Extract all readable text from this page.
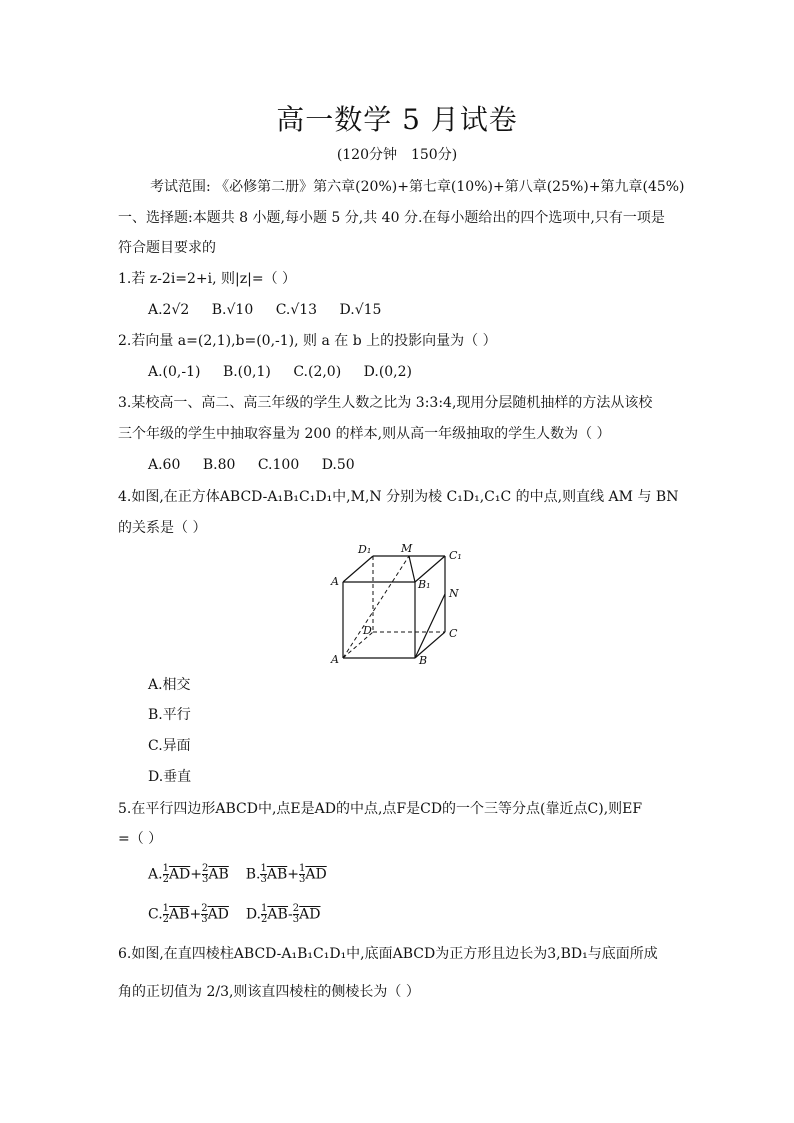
高一数学 5 月试卷
(120分钟　150分)
考试范围: 《必修第二册》第六章(20%)+第七章(10%)+第八章(25%)+第九章(45%)
一、选择题:本题共 8 小题,每小题 5 分,共 40 分.在每小题给出的四个选项中,只有一项是
符合题目要求的
1.若 z-2i=2+i, 则|z|=（ ）
A.2√2 B.√10 C.√13 D.√15
2.若向量 a=(2,1),b=(0,-1), 则 a 在 b 上的投影向量为（ ）
A.(0,-1) B.(0,1) C.(2,0) D.(0,2)
3.某校高一、高二、高三年级的学生人数之比为 3:3:4,现用分层随机抽样的方法从该校
三个年级的学生中抽取容量为 200 的样本,则从高一年级抽取的学生人数为（ ）
A.60 B.80 C.100 D.50
4.如图,在正方体ABCD-A₁B₁C₁D₁中,M,N 分别为棱 C₁D₁,C₁C 的中点,则直线 AM 与 BN
的关系是（ ）
D₁	M
C₁
A	B₁
N
D	C
A	B
A.相交
B.平行
C.异面
D.垂直
5.在平行四边形ABCD中,点E是AD的中点,点F是CD的一个三等分点(靠近点C),则EF
=（ ）
A. $\frac{1}{2} \overline{AD}+ \frac{2}{3} \overline{AB}$ B. $\frac{1}{3} \overline{AB}+ \frac{1}{3} \overline{AD}$
C. $\frac{1}{2} \overline{AB}+ \frac{2}{3} \overline{AD}$ D. $\frac{1}{2} \overline{AB}- \frac{2}{3} \overline{AD}$
6.如图,在直四棱柱ABCD-A₁B₁C₁D₁中,底面ABCD为正方形且边长为3,BD₁与底面所成
角的正切值为 2/3,则该直四棱柱的侧棱长为（ ）
